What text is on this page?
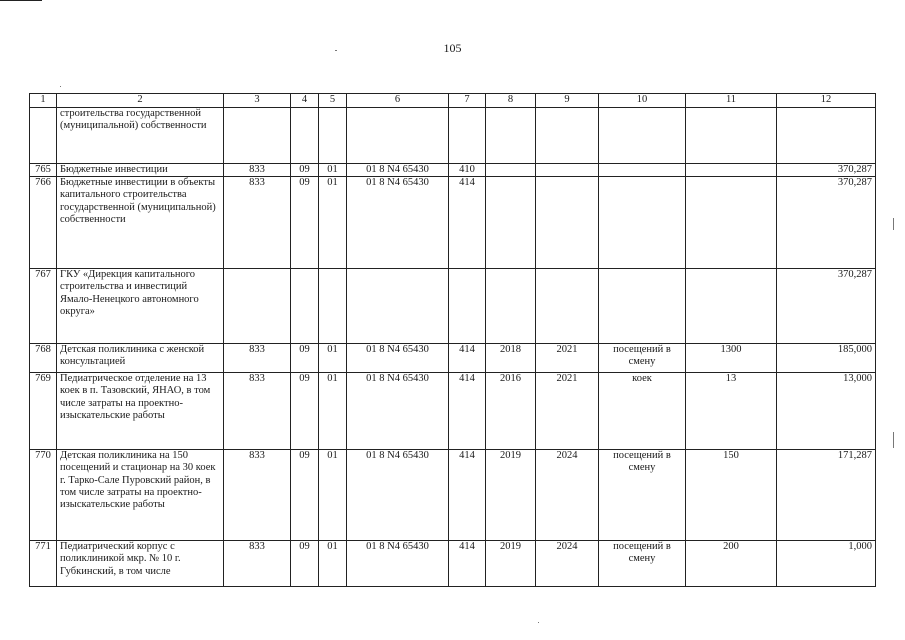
105
1	2	3	4	5	6	7	8	9	10	11	12
	строительства государственной (муниципальной) собственности										
765	Бюджетные инвестиции	833	09	01	01 8 N4 65430	410					370,287
766	Бюджетные инвестиции в объекты капитального строительства государственной (муниципальной) собственности	833	09	01	01 8 N4 65430	414					370,287
767	ГКУ «Дирекция капитального строительства и инвестиций Ямало-Ненецкого автономного округа»										370,287
768	Детская поликлиника с женской консультацией	833	09	01	01 8 N4 65430	414	2018	2021	посещений в смену	1300	185,000
769	Педиатрическое отделение на 13 коек в п. Тазовский, ЯНАО, в том числе затраты на проектно-изыскательские работы	833	09	01	01 8 N4 65430	414	2016	2021	коек	13	13,000
770	Детская поликлиника на 150 посещений и стационар на 30 коек г. Тарко-Сале Пуровский район, в том числе затраты на проектно-изыскательские работы	833	09	01	01 8 N4 65430	414	2019	2024	посещений в смену	150	171,287
771	Педиатрический корпус с поликлиникой мкр. № 10 г. Губкинский, в том числе	833	09	01	01 8 N4 65430	414	2019	2024	посещений в смену	200	1,000
